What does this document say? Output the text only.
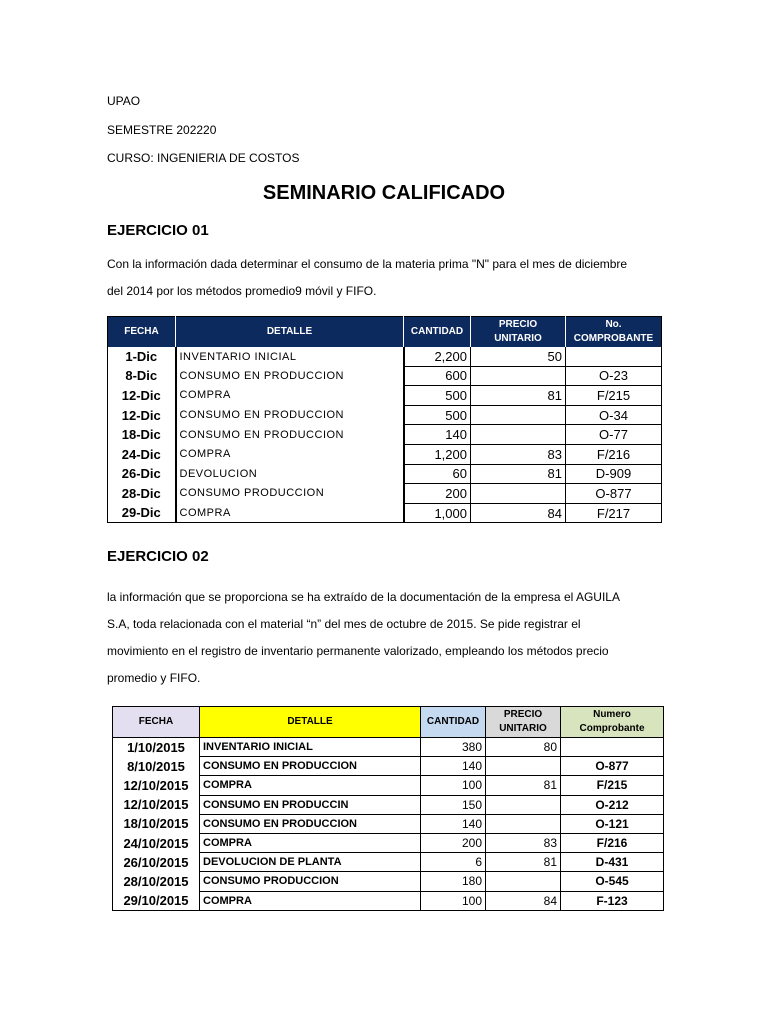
UPAO
SEMESTRE 202220
CURSO: INGENIERIA DE COSTOS
SEMINARIO CALIFICADO
EJERCICIO 01
Con la información dada determinar el consumo de la materia prima "N" para el mes de diciembre
del 2014 por los métodos promedio9 móvil y FIFO.
FECHA	DETALLE	CANTIDAD	PRECIO UNITARIO	No. COMPROBANTE
1-Dic	INVENTARIO INICIAL	2,200	50	
8-Dic	CONSUMO EN PRODUCCION	600		O-23
12-Dic	COMPRA	500	81	F/215
12-Dic	CONSUMO EN PRODUCCION	500		O-34
18-Dic	CONSUMO EN PRODUCCION	140		O-77
24-Dic	COMPRA	1,200	83	F/216
26-Dic	DEVOLUCION	60	81	D-909
28-Dic	CONSUMO PRODUCCION	200		O-877
29-Dic	COMPRA	1,000	84	F/217
EJERCICIO 02
la información que se proporciona se ha extraído de la documentación de la empresa el AGUILA
S.A, toda relacionada con el material “n” del mes de octubre de 2015. Se pide registrar el
movimiento en el registro de inventario permanente valorizado, empleando los métodos precio
promedio y FIFO.
FECHA	DETALLE	CANTIDAD	PRECIO UNITARIO	Numero Comprobante
1/10/2015	INVENTARIO INICIAL	380	80	
8/10/2015	CONSUMO EN PRODUCCION	140		O-877
12/10/2015	COMPRA	100	81	F/215
12/10/2015	CONSUMO EN PRODUCCIN	150		O-212
18/10/2015	CONSUMO EN PRODUCCION	140		O-121
24/10/2015	COMPRA	200	83	F/216
26/10/2015	DEVOLUCION DE PLANTA	6	81	D-431
28/10/2015	CONSUMO PRODUCCION	180		O-545
29/10/2015	COMPRA	100	84	F-123
